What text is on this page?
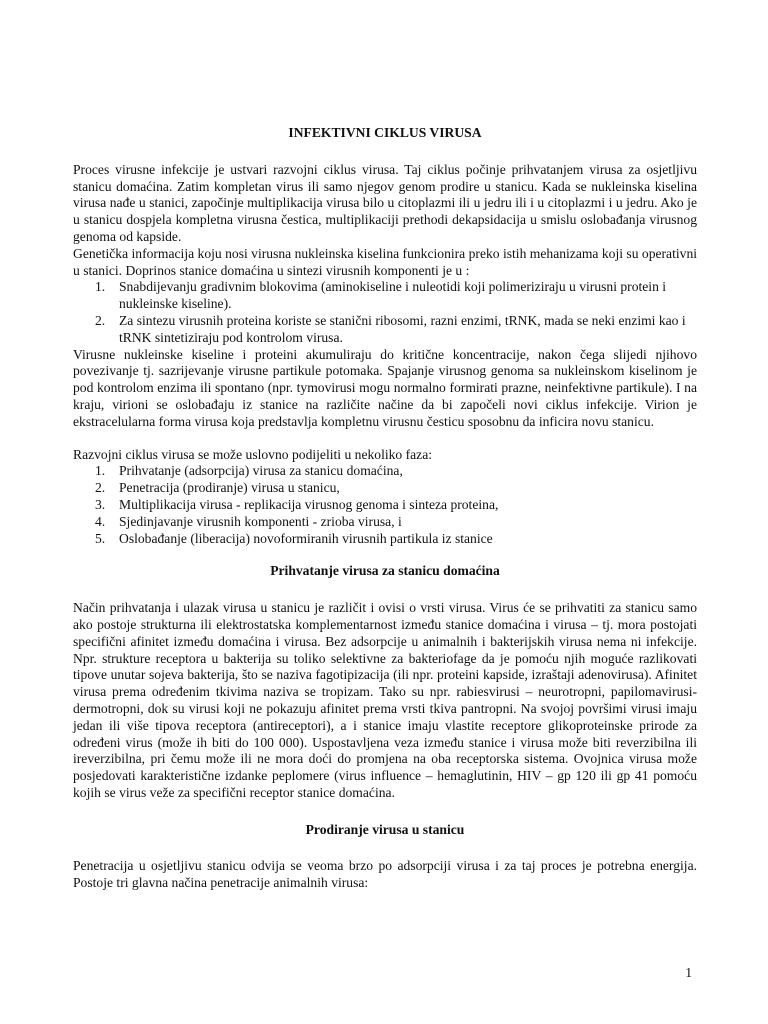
INFEKTIVNI CIKLUS VIRUSA

Proces virusne infekcije je ustvari razvojni ciklus virusa. Taj ciklus počinje prihvatanjem virusa za osjetljivu stanicu domaćina. Zatim kompletan virus ili samo njegov genom prodire u stanicu. Kada se nukleinska kiselina virusa nađe u stanici, započinje multiplikacija virusa bilo u citoplazmi ili u jedru ili i u citoplazmi i u jedru. Ako je u stanicu dospjela kompletna virusna čestica, multiplikaciji prethodi dekapsidacija u smislu oslobađanja virusnog genoma od kapside.

Genetička informacija koju nosi virusna nukleinska kiselina funkcionira preko istih mehanizama koji su operativni u stanici. Doprinos stanice domaćina u sintezi virusnih komponenti je u :

1. Snabdijevanju gradivnim blokovima (aminokiseline i nuleotidi koji polimeriziraju u virusni protein i nukleinske kiseline).
2. Za sintezu virusnih proteina koriste se stanični ribosomi, razni enzimi, tRNK, mada se neki enzimi kao i tRNK sintetiziraju pod kontrolom virusa.

Virusne nukleinske kiseline i proteini akumuliraju do kritične koncentracije, nakon čega slijedi njihovo povezivanje tj. sazrijevanje virusne partikule potomaka. Spajanje virusnog genoma sa nukleinskom kiselinom je pod kontrolom enzima ili spontano (npr. tymovirusi mogu normalno formirati prazne, neinfektivne partikule). I na kraju, virioni se oslobađaju iz stanice na različite načine da bi započeli novi ciklus infekcije. Virion je ekstracelularna forma virusa koja predstavlja kompletnu virusnu česticu sposobnu da inficira novu stanicu.

Razvojni ciklus virusa se može uslovno podijeliti u nekoliko faza:

1. Prihvatanje (adsorpcija) virusa za stanicu domaćina,
2. Penetracija (prodiranje) virusa u stanicu,
3. Multiplikacija virusa - replikacija virusnog genoma i sinteza proteina,
4. Sjedinjavanje virusnih komponenti - zrioba virusa, i
5. Oslobađanje (liberacija) novoformiranih virusnih partikula iz stanice
Prihvatanje virusa za stanicu domaćina

Način prihvatanja i ulazak virusa u stanicu je različit i ovisi o vrsti virusa. Virus će se prihvatiti za stanicu samo ako postoje strukturna ili elektrostatska komplementarnost između stanice domaćina i virusa – tj. mora postojati specifični afinitet između domaćina i virusa. Bez adsorpcije u animalnih i bakterijskih virusa nema ni infekcije. Npr. strukture receptora u bakterija su toliko selektivne za bakteriofage da je pomoću njih moguće razlikovati tipove unutar sojeva bakterija, što se naziva fagotipizacija (ili npr. proteini kapside, izraštaji adenovirusa). Afinitet virusa prema određenim tkivima naziva se tropizam. Tako su npr. rabiesvirusi – neurotropni, papilomavirusi-dermotropni, dok su virusi koji ne pokazuju afinitet prema vrsti tkiva pantropni. Na svojoj površimi virusi imaju jedan ili više tipova receptora (antireceptori), a i stanice imaju vlastite receptore glikoproteinske prirode za određeni virus (može ih biti do 100 000). Uspostavljena veza između stanice i virusa može biti reverzibilna ili ireverzibilna, pri čemu može ili ne mora doći do promjena na oba receptorska sistema. Ovojnica virusa može posjedovati karakteristične izdanke peplomere (virus influence – hemaglutinin, HIV – gp 120 ili gp 41 pomoću kojih se virus veže za specifični receptor stanice domaćina.

Prodiranje virusa u stanicu

Penetracija u osjetljivu stanicu odvija se veoma brzo po adsorpciji virusa i za taj proces je potrebna energija. Postoje tri glavna načina penetracije animalnih virusa:

1
